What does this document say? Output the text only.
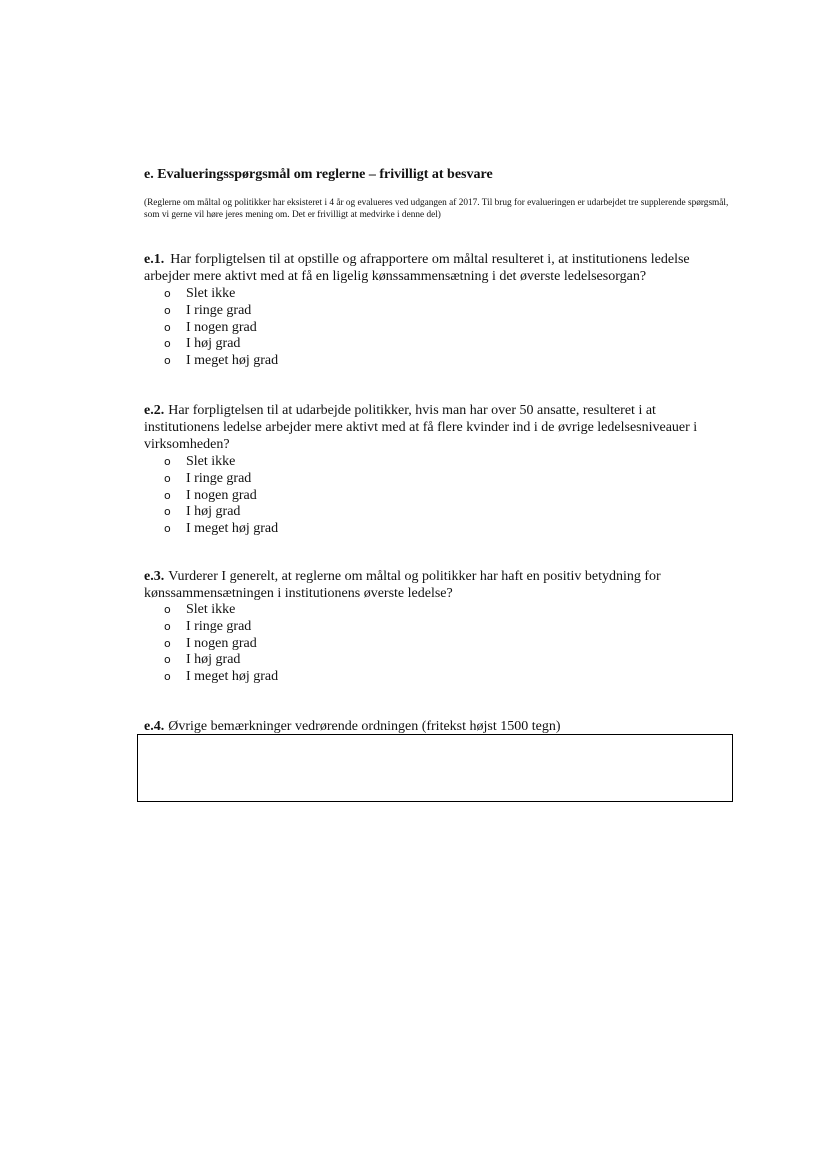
e. Evalueringsspørgsmål om reglerne – frivilligt at besvare
(Reglerne om måltal og politikker har eksisteret i 4 år og evalueres ved udgangen af 2017. Til brug for evalueringen er udarbejdet tre supplerende spørgsmål, som vi gerne vil høre jeres mening om. Det er frivilligt at medvirke i denne del)
e.1. Har forpligtelsen til at opstille og afrapportere om måltal resulteret i, at institutionens ledelse arbejder mere aktivt med at få en ligelig kønssammensætning i det øverste ledelsesorgan?
o	Slet ikke
o	I ringe grad
o	I nogen grad
o	I høj grad
o	I meget høj grad
e.2. Har forpligtelsen til at udarbejde politikker, hvis man har over 50 ansatte, resulteret i at institutionens ledelse arbejder mere aktivt med at få flere kvinder ind i de øvrige ledelsesniveauer i virksomheden?
o	Slet ikke
o	I ringe grad
o	I nogen grad
o	I høj grad
o	I meget høj grad
e.3. Vurderer I generelt, at reglerne om måltal og politikker har haft en positiv betydning for kønssammensætningen i institutionens øverste ledelse?
o	Slet ikke
o	I ringe grad
o	I nogen grad
o	I høj grad
o	I meget høj grad
e.4. Øvrige bemærkninger vedrørende ordningen (fritekst højst 1500 tegn)
